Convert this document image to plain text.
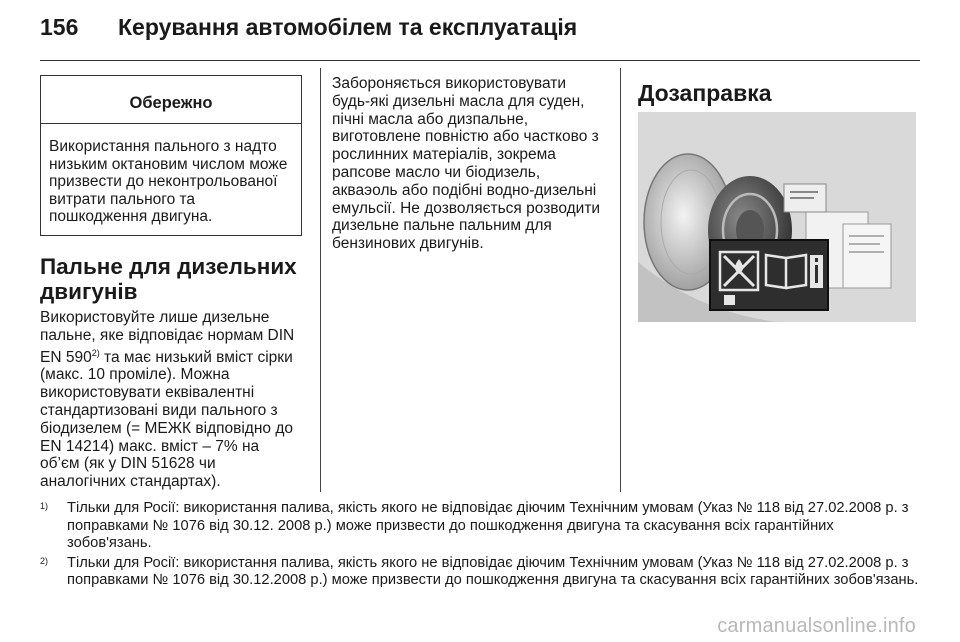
156 Керування автомобілем та експлуатація
Обережно
Використання пального з надто низьким октановим числом може призвести до неконтрольованої витрати пального та пошкодження двигуна.
Пальне для дизельних двигунів

Використовуйте лише дизельне пальне, яке відповідає нормам DIN EN 590$^{2)}$ та має низький вміст сірки (макс. 10 проміле). Можна використовувати еквівалентні стандартизовані види пального з біодизелем (= МЕЖК відповідно до EN 14214) макс. вміст – 7% на об’єм (як у DIN 51628 чи аналогічних стандартах).

Забороняється використовувати будь-які дизельні масла для суден, пічні масла або дизпальне, виготовлене повністю або частково з рослинних матеріалів, зокрема рапсове масло чи біодизель, акваэоль або подібні водно-дизельні емульсії. Не дозволяється розводити дизельне пальне пальним для бензинових двигунів.

Дозаправка
1) Тільки для Росії: використання палива, якість якого не відповідає діючим Технічним умовам (Указ № 118 від 27.02.2008 р. з поправками № 1076 від 30.12. 2008 р.) може призвести до пошкодження двигуна та скасування всіх гарантійних зобов'язань.
2) Тільки для Росії: використання палива, якість якого не відповідає діючим Технічним умовам (Указ № 118 від 27.02.2008 р. з поправками № 1076 від 30.12.2008 р.) може призвести до пошкодження двигуна та скасування всіх гарантійних зобов'язань.
carmanualsonline.info
